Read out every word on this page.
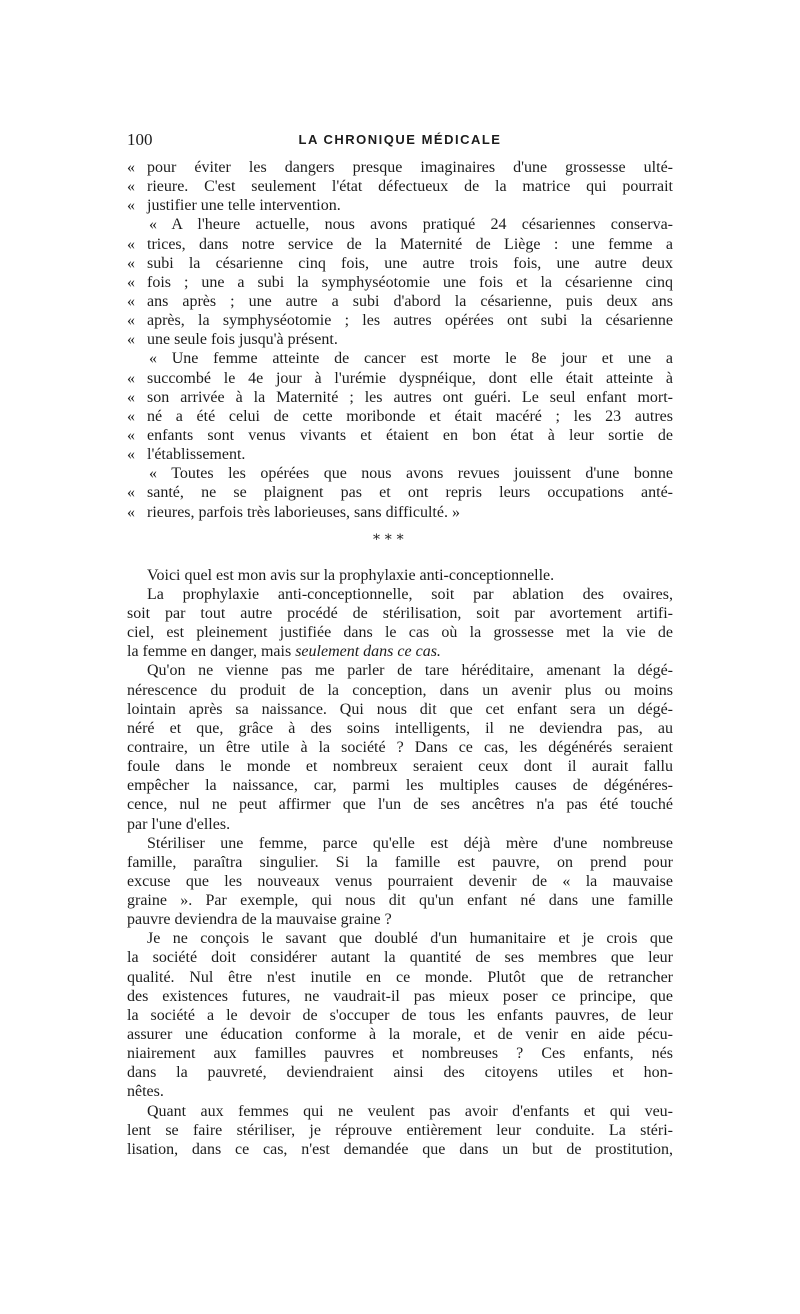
100	LA CHRONIQUE MÉDICALE
« pour éviter les dangers presque imaginaires d'une grossesse ulté-
« rieure. C'est seulement l'état défectueux de la matrice qui pourrait
« justifier une telle intervention.
« A l'heure actuelle, nous avons pratiqué 24 césariennes conserva-
« trices, dans notre service de la Maternité de Liège : une femme a
« subi la césarienne cinq fois, une autre trois fois, une autre deux
« fois ; une a subi la symphyséotomie une fois et la césarienne cinq
« ans après ; une autre a subi d'abord la césarienne, puis deux ans
« après, la symphyséotomie ; les autres opérées ont subi la césarienne
« une seule fois jusqu'à présent.
« Une femme atteinte de cancer est morte le 8e jour et une a
« succombé le 4e jour à l'urémie dyspnéique, dont elle était atteinte à
« son arrivée à la Maternité ; les autres ont guéri. Le seul enfant mort-
« né a été celui de cette moribonde et était macéré ; les 23 autres
« enfants sont venus vivants et étaient en bon état à leur sortie de
« l'établissement.
« Toutes les opérées que nous avons revues jouissent d'une bonne
« santé, ne se plaignent pas et ont repris leurs occupations anté-
« rieures, parfois très laborieuses, sans difficulté. »
* * *
Voici quel est mon avis sur la prophylaxie anti-conceptionnelle.
La prophylaxie anti-conceptionnelle, soit par ablation des ovaires,
soit par tout autre procédé de stérilisation, soit par avortement artifi-
ciel, est pleinement justifiée dans le cas où la grossesse met la vie de
la femme en danger, mais seulement dans ce cas.
Qu'on ne vienne pas me parler de tare héréditaire, amenant la dégé-
nérescence du produit de la conception, dans un avenir plus ou moins
lointain après sa naissance. Qui nous dit que cet enfant sera un dégé-
néré et que, grâce à des soins intelligents, il ne deviendra pas, au
contraire, un être utile à la société ? Dans ce cas, les dégénérés seraient
foule dans le monde et nombreux seraient ceux dont il aurait fallu
empêcher la naissance, car, parmi les multiples causes de dégénéres-
cence, nul ne peut affirmer que l'un de ses ancêtres n'a pas été touché
par l'une d'elles.
Stériliser une femme, parce qu'elle est déjà mère d'une nombreuse
famille, paraîtra singulier. Si la famille est pauvre, on prend pour
excuse que les nouveaux venus pourraient devenir de « la mauvaise
graine ». Par exemple, qui nous dit qu'un enfant né dans une famille
pauvre deviendra de la mauvaise graine ?
Je ne conçois le savant que doublé d'un humanitaire et je crois que
la société doit considérer autant la quantité de ses membres que leur
qualité. Nul être n'est inutile en ce monde. Plutôt que de retrancher
des existences futures, ne vaudrait-il pas mieux poser ce principe, que
la société a le devoir de s'occuper de tous les enfants pauvres, de leur
assurer une éducation conforme à la morale, et de venir en aide pécu-
niairement aux familles pauvres et nombreuses ? Ces enfants, nés
dans la pauvreté, deviendraient ainsi des citoyens utiles et hon-
nêtes.
Quant aux femmes qui ne veulent pas avoir d'enfants et qui veu-
lent se faire stériliser, je réprouve entièrement leur conduite. La stéri-
lisation, dans ce cas, n'est demandée que dans un but de prostitution,
